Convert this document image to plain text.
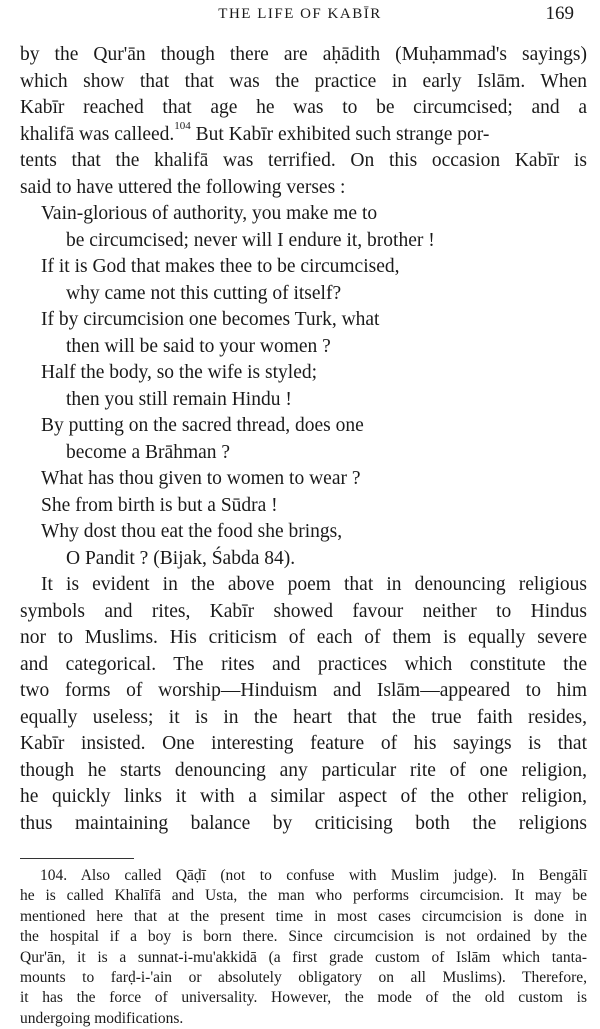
THE LIFE OF KABĪR	169
by the Qur'ān though there are aḥādith (Muḥammad's sayings)
which show that that was the practice in early Islām. When
Kabīr reached that age he was to be circumcised; and a
khalifā was calleed.$^{104}$ But Kabīr exhibited such strange por-
tents that the khalifā was terrified. On this occasion Kabīr is
said to have uttered the following verses :
Vain-glorious of authority, you make me to
be circumcised; never will I endure it, brother !
If it is God that makes thee to be circumcised,
why came not this cutting of itself?
If by circumcision one becomes Turk, what
then will be said to your women ?
Half the body, so the wife is styled;
then you still remain Hindu !
By putting on the sacred thread, does one
become a Brāhman ?
What has thou given to women to wear ?
She from birth is but a Sūdra !
Why dost thou eat the food she brings,
O Pandit ? (Bijak, Śabda 84).
It is evident in the above poem that in denouncing religious
symbols and rites, Kabīr showed favour neither to Hindus
nor to Muslims. His criticism of each of them is equally severe
and categorical. The rites and practices which constitute the
two forms of worship—Hinduism and Islām—appeared to him
equally useless; it is in the heart that the true faith resides,
Kabīr insisted. One interesting feature of his sayings is that
though he starts denouncing any particular rite of one religion,
he quickly links it with a similar aspect of the other religion,
thus maintaining balance by criticising both the religions
104. Also called Qāḍī (not to confuse with Muslim judge). In Bengālī
he is called Khalīfā and Usta, the man who performs circumcision. It may be
mentioned here that at the present time in most cases circumcision is done in
the hospital if a boy is born there. Since circumcision is not ordained by the
Qur'ān, it is a sunnat-i-mu'akkidā (a first grade custom of Islām which tanta-
mounts to farḍ-i-'ain or absolutely obligatory on all Muslims). Therefore,
it has the force of universality. However, the mode of the old custom is
undergoing modifications.
